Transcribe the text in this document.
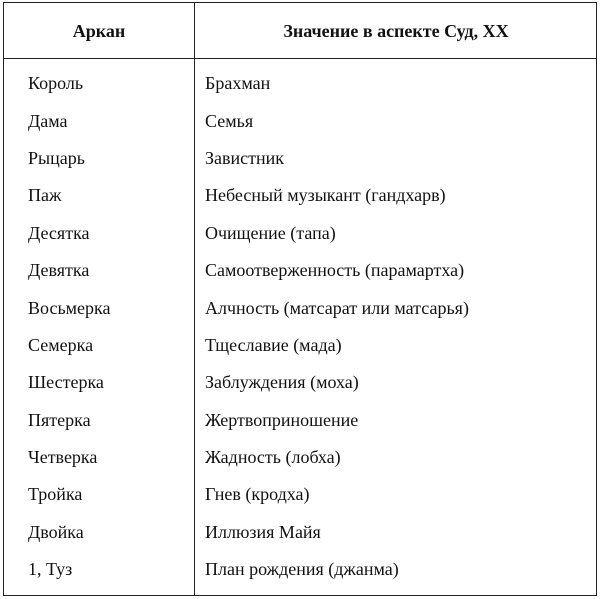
Аркан	Значение в аспекте Суд, XX
Король	Брахман
Дама	Семья
Рыцарь	Завистник
Паж	Небесный музыкант (гандхарв)
Десятка	Очищение (тапа)
Девятка	Самоотверженность (парамартха)
Восьмерка	Алчность (матсарат или матсарья)
Семерка	Тщеславие (мада)
Шестерка	Заблуждения (моха)
Пятерка	Жертвоприношение
Четверка	Жадность (лобха)
Тройка	Гнев (кродха)
Двойка	Иллюзия Майя
1, Туз	План рождения (джанма)
